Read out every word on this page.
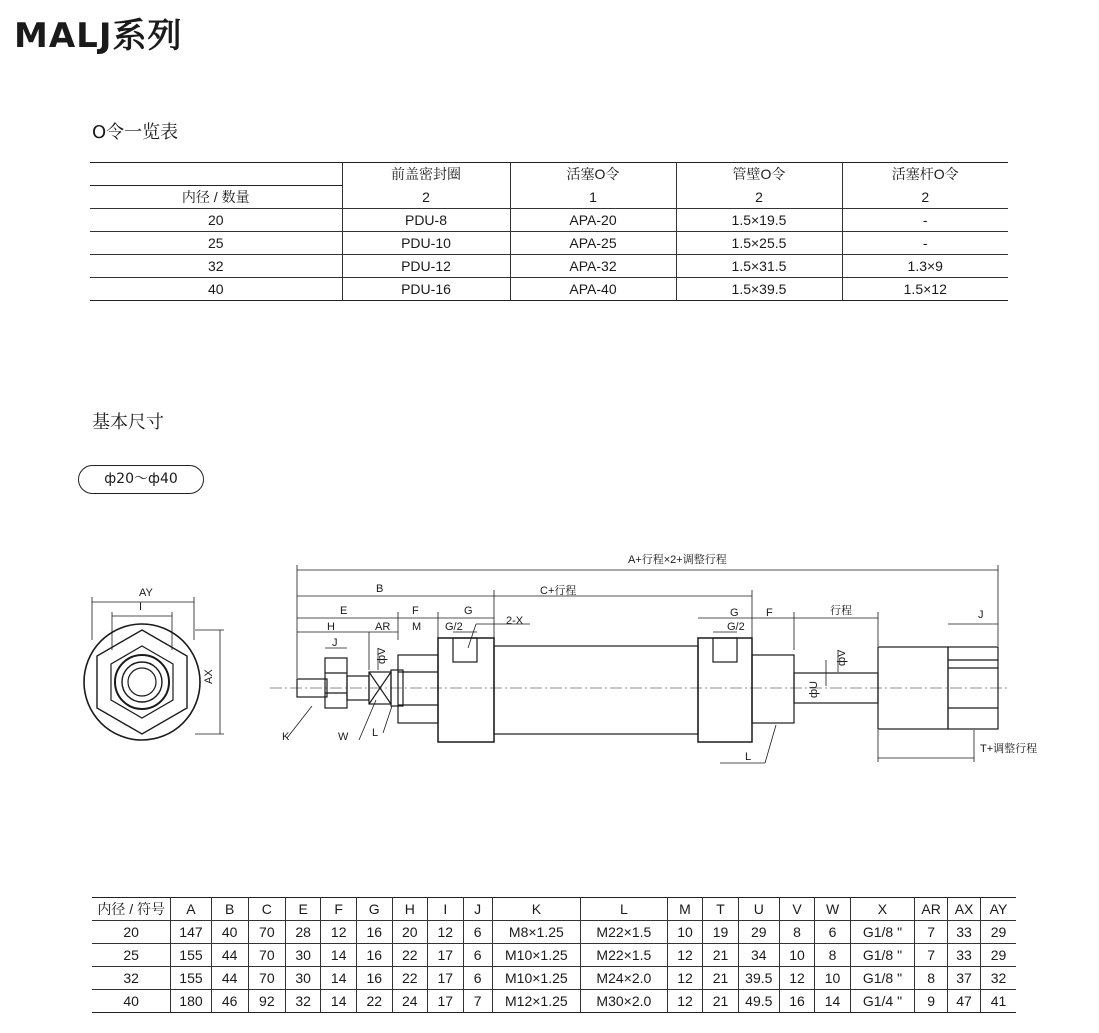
MALJ系列
O令一览表
	前盖密封圈	活塞O令	管壁O令	活塞杆O令
内径 / 数量	2	1	2	2
20	PDU-8	APA-20	1.5×19.5	-
25	PDU-10	APA-25	1.5×25.5	-
32	PDU-12	APA-32	1.5×31.5	1.3×9
40	PDU-16	APA-40	1.5×39.5	1.5×12
基本尺寸
ф20～ф40
A+行程×2+调整行程
B	C+行程
E	F	G	G F	行程	J
H	AR M G/2	2-X	G/2
J
фV	фV
фU
K	W L
L
T+调整行程
AY
I
AX
内径 / 符号	A	B	C	E	F	G	H	I	J	K	L	M	T	U	V	W	X	AR	AX	AY
20	147	40	70	28	12	16	20	12	6	M8×1.25	M22×1.5	10	19	29	8	6	G1/8 "	7	33	29
25	155	44	70	30	14	16	22	17	6	M10×1.25	M22×1.5	12	21	34	10	8	G1/8 "	7	33	29
32	155	44	70	30	14	16	22	17	6	M10×1.25	M24×2.0	12	21	39.5	12	10	G1/8 "	8	37	32
40	180	46	92	32	14	22	24	17	7	M12×1.25	M30×2.0	12	21	49.5	16	14	G1/4 "	9	47	41
